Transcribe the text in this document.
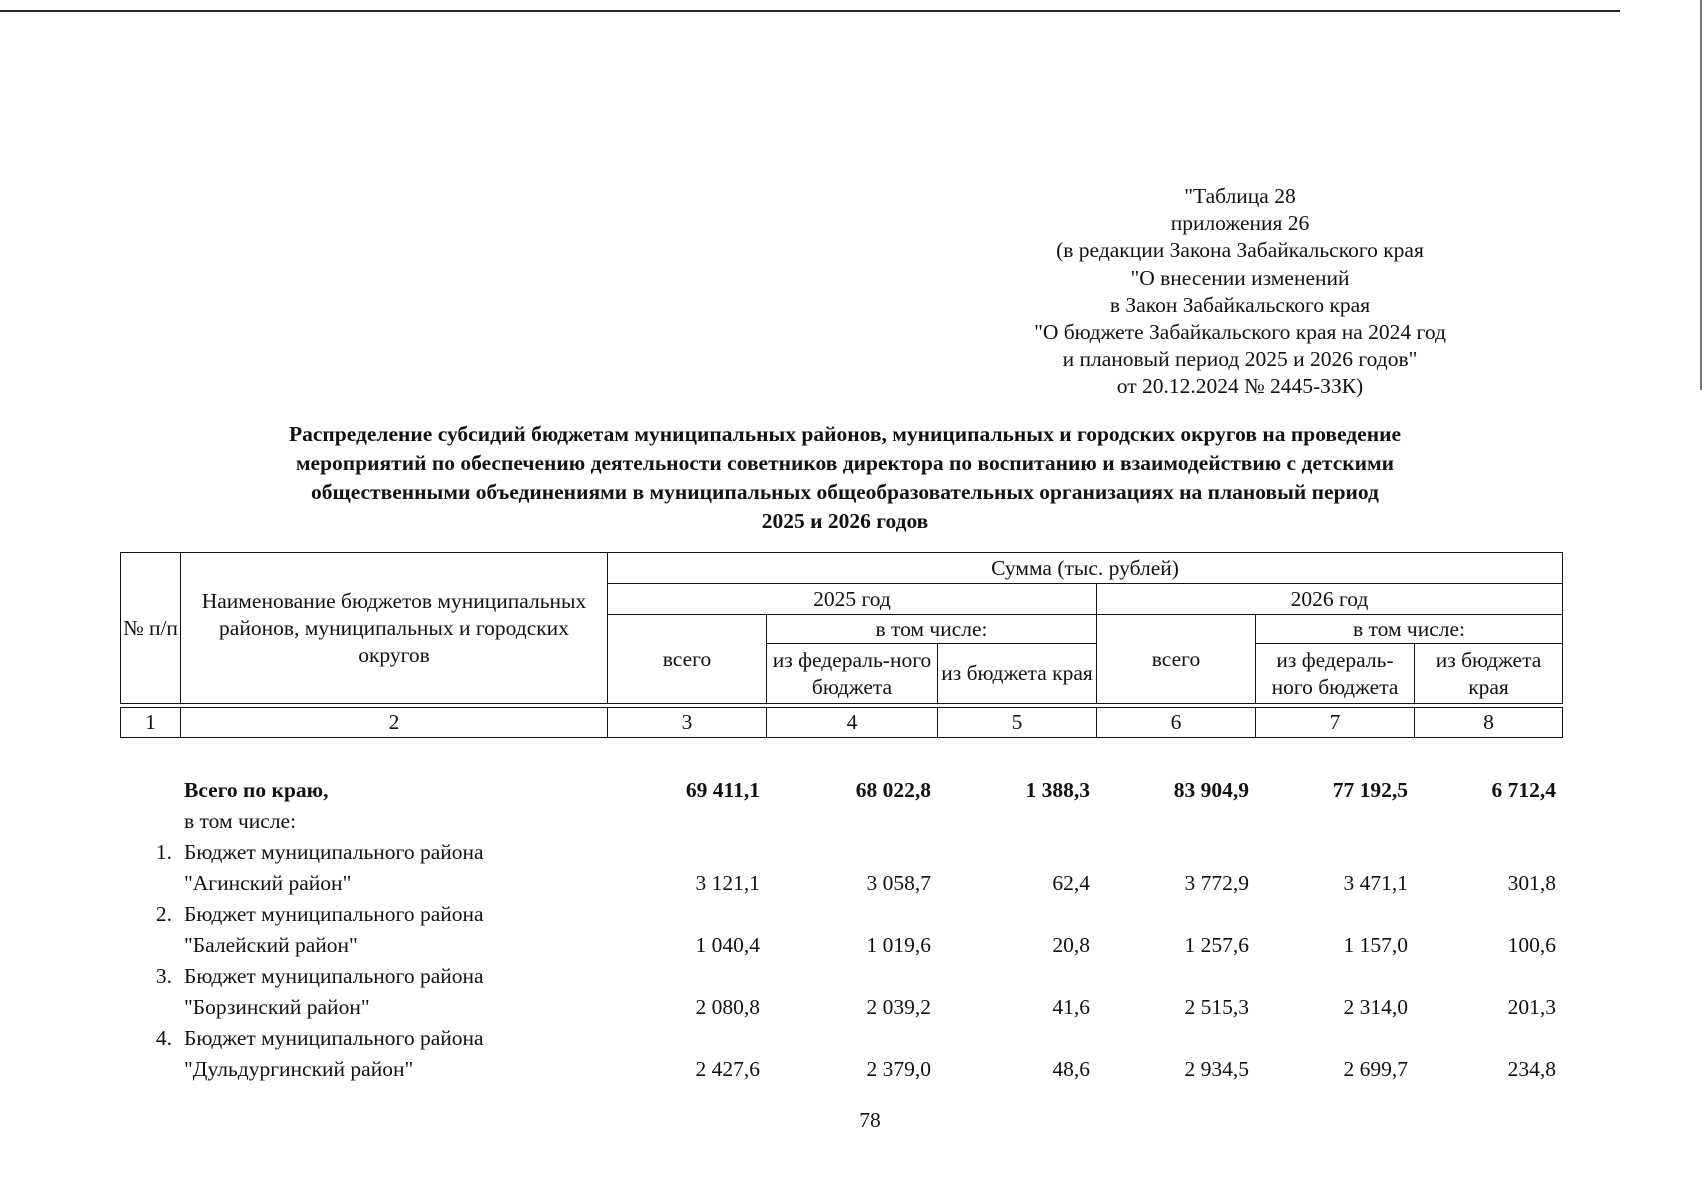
"Таблица 28
приложения 26
(в редакции Закона Забайкальского края
"О внесении изменений
в Закон Забайкальского края
"О бюджете Забайкальского края на 2024 год
и плановый период 2025 и 2026 годов"
от 20.12.2024 № 2445-ЗЗК)
Распределение субсидий бюджетам муниципальных районов, муниципальных и городских округов на проведение
мероприятий по обеспечению деятельности советников директора по воспитанию и взаимодействию с детскими
общественными объединениями в муниципальных общеобразовательных организациях на плановый период
2025 и 2026 годов
№ п/п	Наименование бюджетов муниципальных районов, муниципальных и городских округов	Сумма (тыс. рублей)					
		2025 год			2026 год		
		всего	в том числе:		всего	в том числе:	
			из федераль-ного бюджета	из бюджета края		из федераль-ного бюджета	из бюджета края

1	2	3	4	5	6	7	8
	Всего по краю,	69 411,1	68 022,8	1 388,3	83 904,9	77 192,5	6 712,4
	в том числе:						
1.	Бюджет муниципального района						
	"Агинский район"	3 121,1	3 058,7	62,4	3 772,9	3 471,1	301,8
2.	Бюджет муниципального района						
	"Балейский район"	1 040,4	1 019,6	20,8	1 257,6	1 157,0	100,6
3.	Бюджет муниципального района						
	"Борзинский район"	2 080,8	2 039,2	41,6	2 515,3	2 314,0	201,3
4.	Бюджет муниципального района						
	"Дульдургинский район"	2 427,6	2 379,0	48,6	2 934,5	2 699,7	234,8
78
